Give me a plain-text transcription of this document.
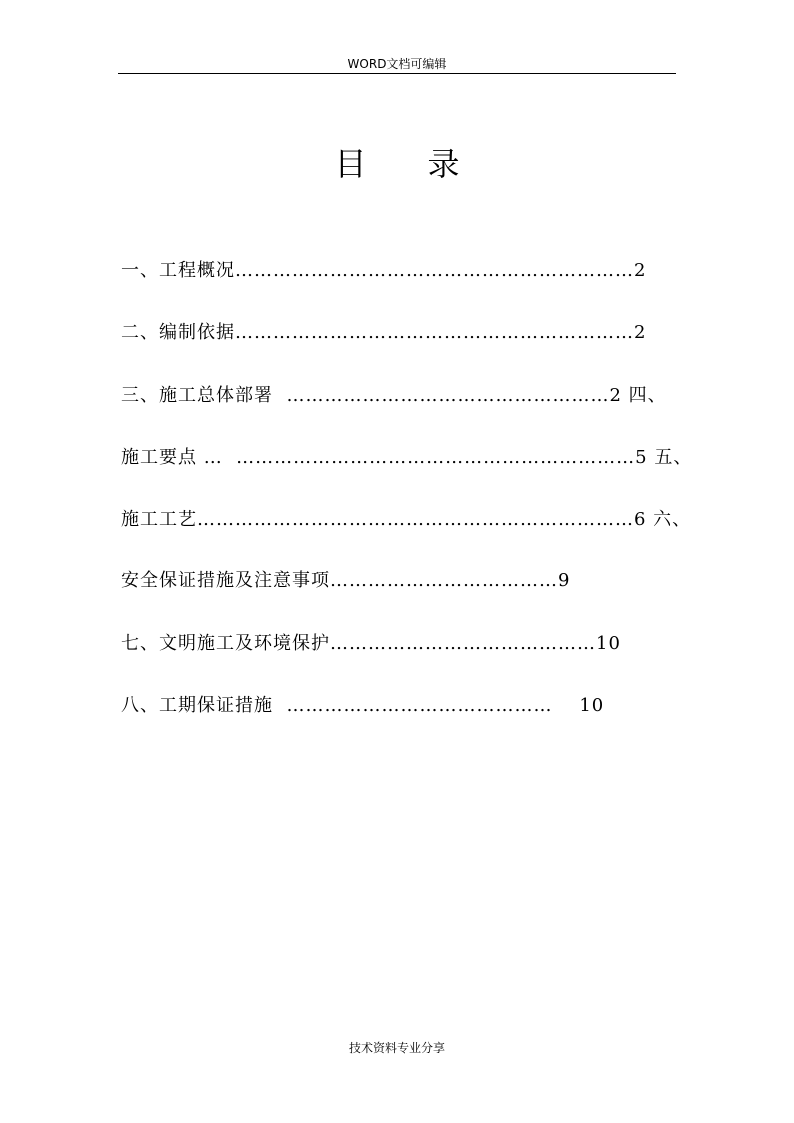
WORD文档可编辑
目      录
一、工程概况………………………………………………………2
二、编制依据………………………………………………………2
三、施工总体部署  ……………………………………………2 四、
施工要点 …  ………………………………………………………5 五、
施工工艺……………………………………………………………6 六、
安全保证措施及注意事项………………………………9
七、文明施工及环境保护……………………………………10
八、工期保证措施  ……………………………………    10
技术资料专业分享
